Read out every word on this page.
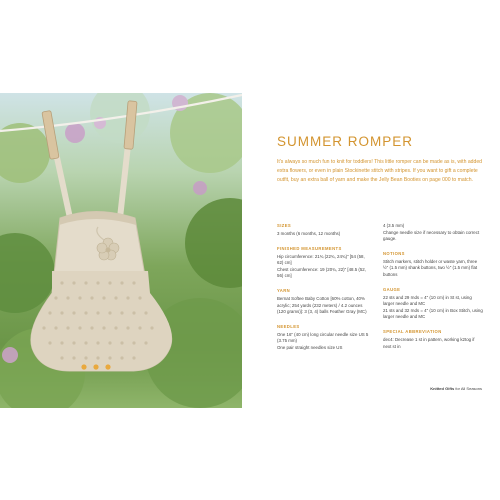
SUMMER ROMPER
It's always so much fun to knit for toddlers! This little romper can be made as is, with added extra flowers, or even in plain Stockinette stitch with stripes. If you want to gift a complete outfit, buy an extra ball of yarn and make the Jelly Bean Booties on page 000 to match.
SIZES
3 months (6 months, 12 months)
FINISHED MEASUREMENTS
Hip circumference: 21¾ (22¾, 24¾)" [54 (58, 62) cm]
Chest circumference: 19 (20¾, 22)" [48.5 (52, 56) cm]
YARN
Bernat Softee Baby Cotton [60% cotton, 40% acrylic; 254 yards (232 meters) / 4.2 ounces (120 grams)]: 3 (3, 4) balls Feather Gray (MC)
NEEDLES
One 16" (40 cm) long circular needle size US 5 (3.75 mm)
One pair straight needles size US
4 (3.5 mm)
Change needle size if necessary to obtain correct gauge.
NOTIONS
Stitch markers, stitch holder or waste yarn, three ½" (1.5 mm) shank buttons, two ½" (1.5 mm) flat buttons
GAUGE
22 sts and 29 rnds = 4" (10 cm) in St st, using larger needle and MC
21 sts and 32 rnds = 4" (10 cm) in Box Stitch, using larger needle and MC
SPECIAL ABBREVIATION
dec4: Decrease 1 st in pattern, working k2tog if next st in
Knitted Gifts for All Seasons
